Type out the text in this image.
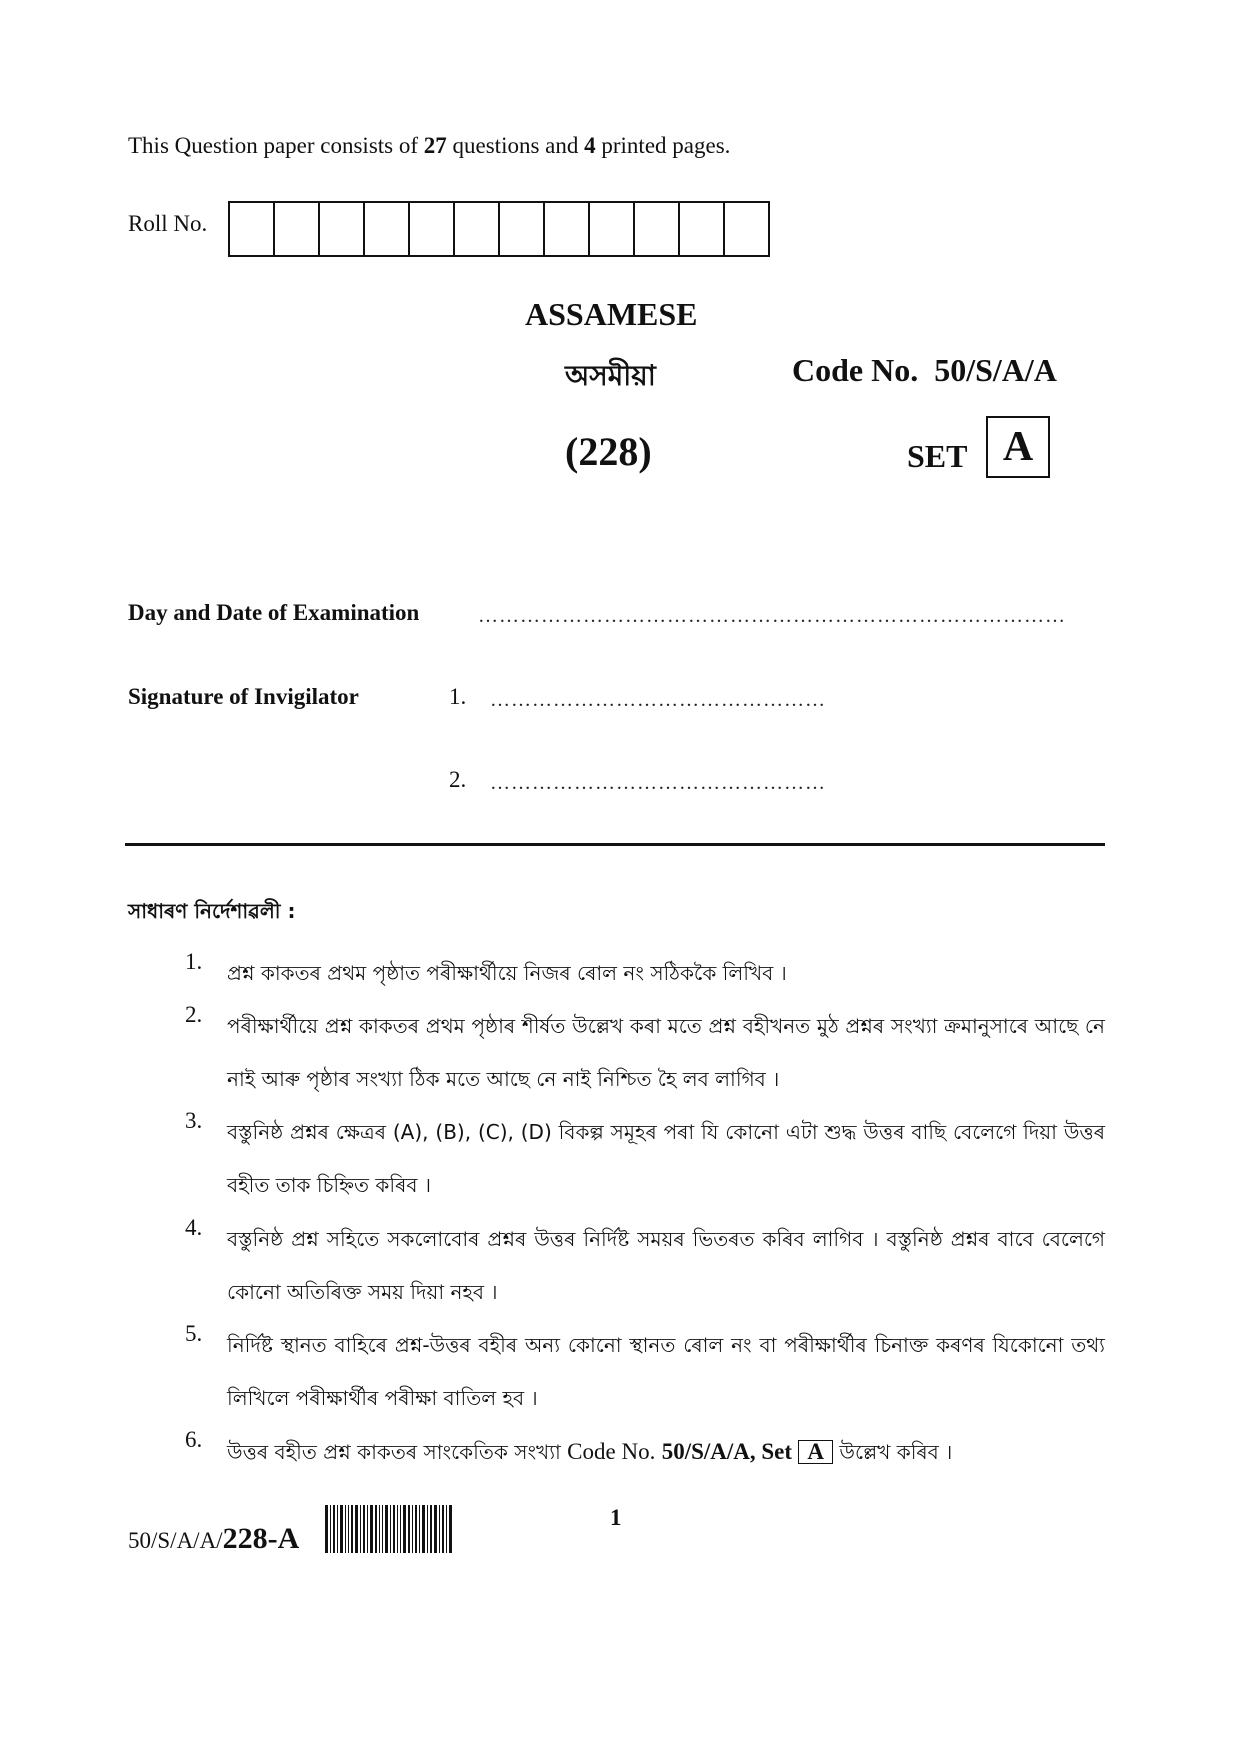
This Question paper consists of 27 questions and 4 printed pages.
Roll No.
ASSAMESE
অসমীয়া	Code No. 50/S/A/A
(228)	SET A
Day and Date of Examination	…………………………………………………………………………
Signature of Invigilator	1. …………………………………………
2. …………………………………………
সাধাৰণ নিৰ্দেশাৱলী :
1. প্ৰশ্ন কাকতৰ প্ৰথম পৃষ্ঠাত পৰীক্ষাৰ্থীয়ে নিজৰ ৰোল নং সঠিককৈ লিখিব ।
2. পৰীক্ষাৰ্থীয়ে প্ৰশ্ন কাকতৰ প্ৰথম পৃষ্ঠাৰ শীৰ্ষত উল্লেখ কৰা মতে প্ৰশ্ন বহীখনত মুঠ প্ৰশ্নৰ সংখ্যা ক্ৰমানুসাৰে আছে নে নাই আৰু পৃষ্ঠাৰ সংখ্যা ঠিক মতে আছে নে নাই নিশ্চিত হৈ লব লাগিব ।
3. বস্তুনিষ্ঠ প্ৰশ্নৰ ক্ষেত্ৰৰ (A), (B), (C), (D) বিকল্প সমূহৰ পৰা যি কোনো এটা শুদ্ধ উত্তৰ বাছি বেলেগে দিয়া উত্তৰ বহীত তাক চিহ্নিত কৰিব ।
4. বস্তুনিষ্ঠ প্ৰশ্ন সহিতে সকলোবোৰ প্ৰশ্নৰ উত্তৰ নিৰ্দিষ্ট সময়ৰ ভিতৰত কৰিব লাগিব । বস্তুনিষ্ঠ প্ৰশ্নৰ বাবে বেলেগে কোনো অতিৰিক্ত সময় দিয়া নহব ।
5. নিৰ্দিষ্ট স্থানত বাহিৰে প্ৰশ্ন-উত্তৰ বহীৰ অন্য কোনো স্থানত ৰোল নং বা পৰীক্ষাৰ্থীৰ চিনাক্ত কৰণৰ যিকোনো তথ্য লিখিলে পৰীক্ষাৰ্থীৰ পৰীক্ষা বাতিল হব ।
6. উত্তৰ বহীত প্ৰশ্ন কাকতৰ সাংকেতিক সংখ্যা Code No. 50/S/A/A, Set A উল্লেখ কৰিব ।
50/S/A/A/228-A
1
